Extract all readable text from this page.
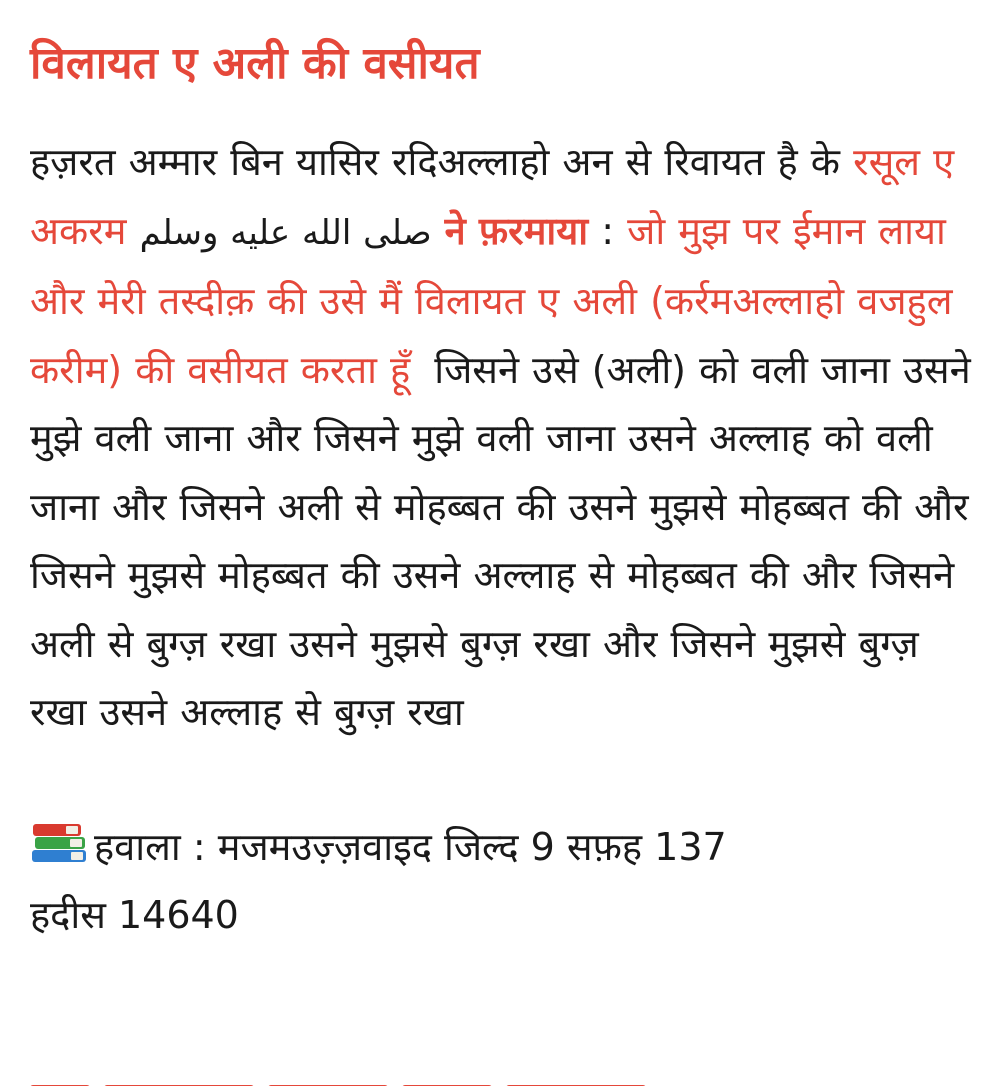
विलायत ए अली की वसीयत
हज़रत अम्मार बिन यासिर रदिअल्लाहो अन से रिवायत है के रसूल ए अकरम صلى الله عليه وسلم ने फ़रमाया : जो मुझ पर ईमान लाया और मेरी तस्दीक़ की उसे मैं विलायत ए अली (कर्रमअल्लाहो वजहुल करीम) की वसीयत करता हूँ जिसने उसे (अली) को वली जाना उसने मुझे वली जाना और जिसने मुझे वली जाना उसने अल्लाह को वली जाना और जिसने अली से मोहब्बत की उसने मुझसे मोहब्बत की और जिसने मुझसे मोहब्बत की उसने अल्लाह से मोहब्बत की और जिसने अली से बुग्ज़ रखा उसने मुझसे बुग्ज़ रखा और जिसने मुझसे बुग्ज़ रखा उसने अल्लाह से बुग्ज़ रखा
हवाला : मजमउज़्ज़वाइद जिल्द 9 सफ़ह 137
हदीस 14640
